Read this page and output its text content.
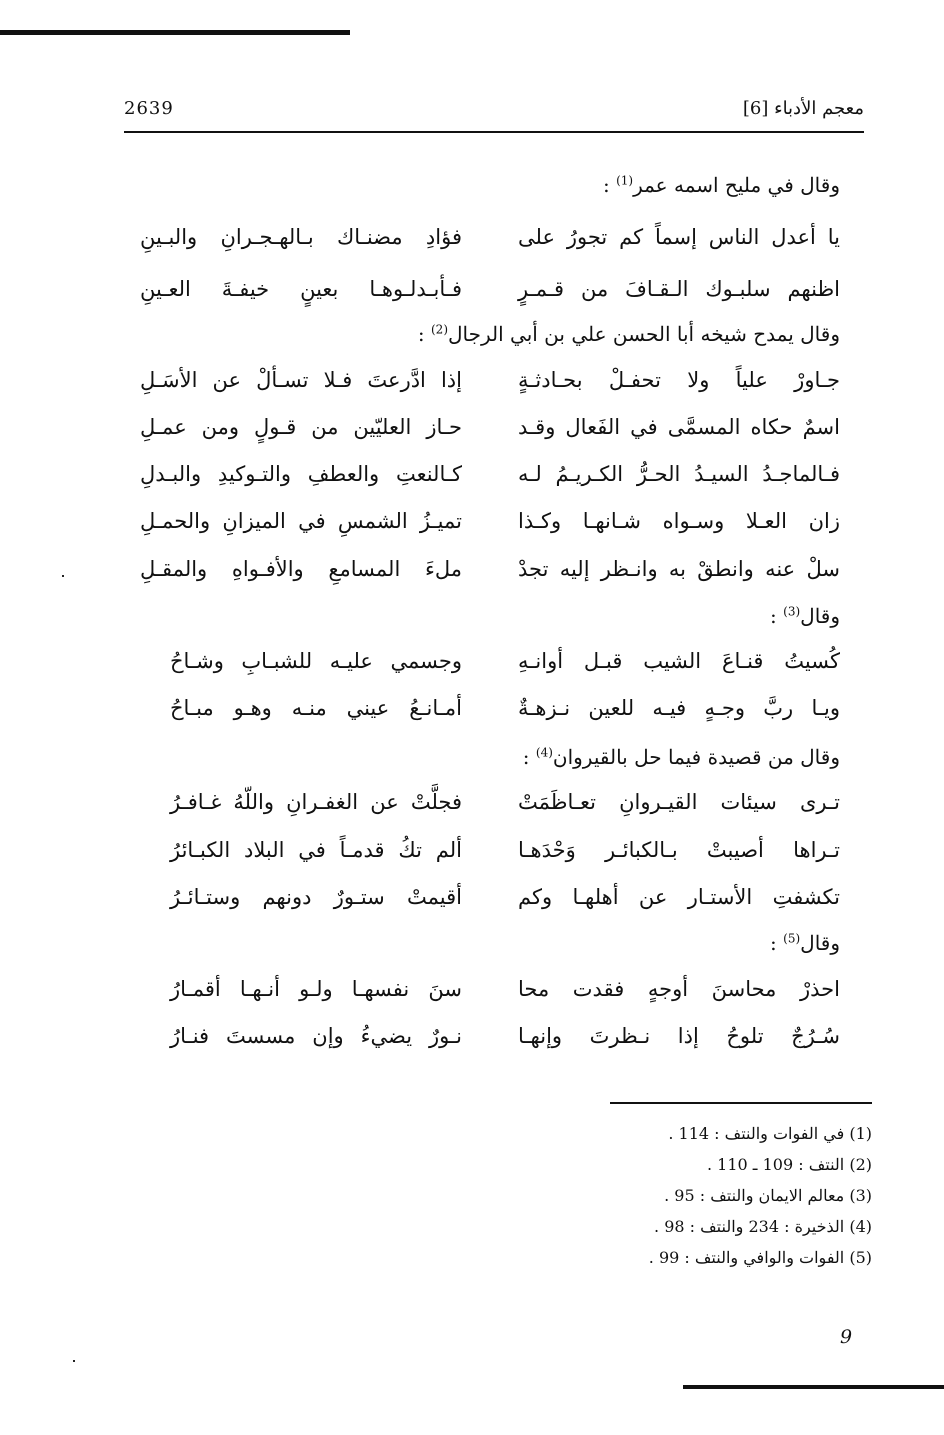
2639	معجم الأدباء [6]
وقال في مليح اسمه عمر$^{(1)}$ :
يا أعدل الناس إسماً كم تجورُ على
فؤادِ مضنـاك بـالهـجـرانِ والبـينِ
اظنهم سلبـوك الـقـافَ من قـمـرٍ
فـأبـدلـوهـا بعينٍ خيفـةَ العـينِ
وقال يمدح شيخه أبا الحسن علي بن أبي الرجال$^{(2)}$ :
جـاورْ علياً ولا تحفـلْ بحـادثـةٍ
إذا ادَّرعتَ فـلا تسـألْ عن الأسَـلِ
اسمٌ حكاه المسمَّى في الفَعال وقـد
حـاز العليّين من قـولٍ ومن عمـلِ
فـالماجـدُ السيـدُ الحـرُّ الكـريـمُ لـه
كـالنعتِ والعطفِ والتـوكيدِ والبـدلِ
زان العـلا وسـواه شـانهـا وكـذا
تميـزُ الشمسِ في الميزانِ والحمـلِ
سلْ عنه وانطقْ به وانـظر إليه تجدْ
ملءَ المسامعِ والأفـواهِ والمقـلِ
وقال$^{(3)}$ :
كُسيتُ قنـاعَ الشيب قبـل أوانـهِ
وجسمي عليـه للشبـابِ وشـاحُ
ويـا ربَّ وجـهٍ فيـه للعين نـزهـةٌ
أمـانـعُ عيني منـه وهـو مبـاحُ
وقال من قصيدة فيما حل بالقيروان$^{(4)}$ :
تـرى سيئات القيـروانِ تعـاظَمَتْ
فجلَّتْ عن الغفـرانِ واللّهُ غـافـرُ
تـراها أصيبتْ بـالكبائـر وَحْدَهـا
ألم تكُ قدمـاً في البلاد الكبـائرُ
تكشفتِ الأستـار عن أهلهـا وكم
أقيمتْ ستـورٌ دونهم وستـائـرُ
وقال$^{(5)}$ :
احذرْ محاسنَ أوجهٍ فقدت محا
سنَ نفسهـا ولـو أنـهـا أقمـارُ
سُـرُجٌ تلوحُ إذا نـظرتَ وإنهـا
نـورٌ يضيءُ وإن مسستَ فنـارُ
(1) في الفوات والنتف : 114 .
(2) النتف : 109 ـ 110 .
(3) معالم الايمان والنتف : 95 .
(4) الذخيرة : 234 والنتف : 98 .
(5) الفوات والوافي والنتف : 99 .
9
